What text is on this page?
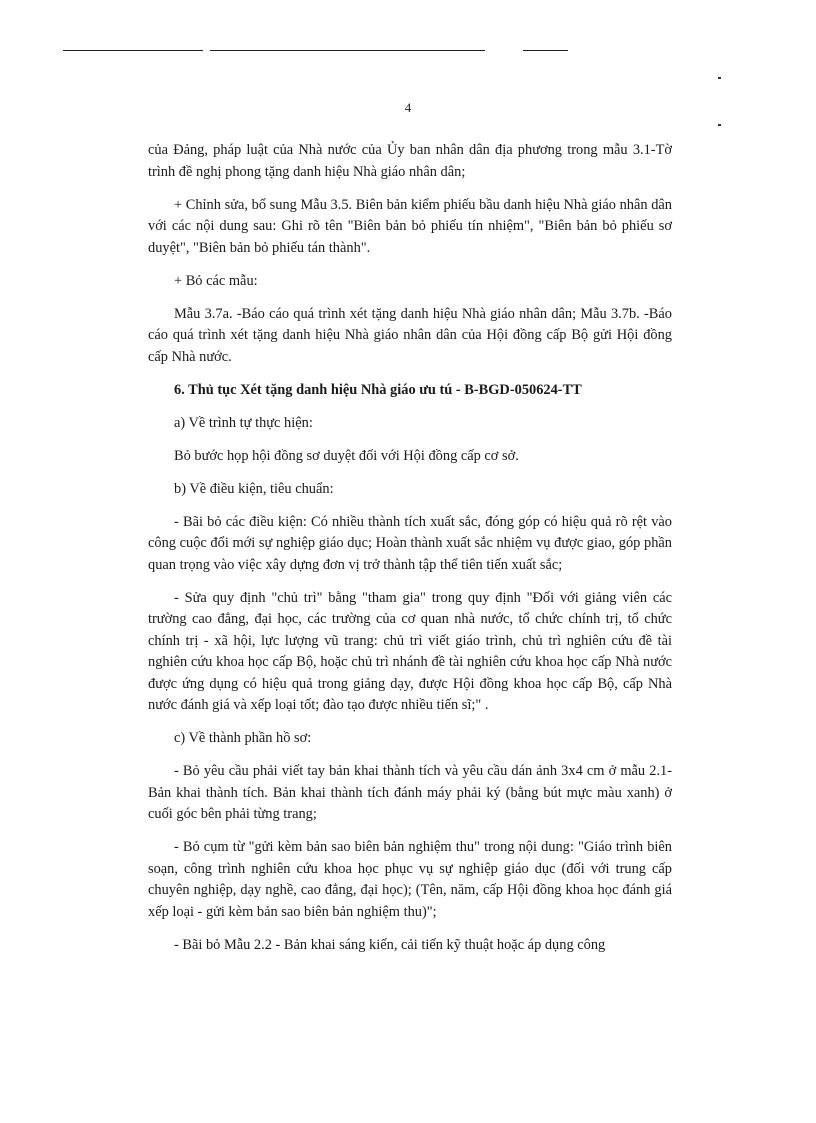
4

của Đảng, pháp luật của Nhà nước của Ủy ban nhân dân địa phương trong mẫu 3.1-Tờ trình đề nghị phong tặng danh hiệu Nhà giáo nhân dân;

+ Chỉnh sửa, bổ sung Mẫu 3.5. Biên bản kiểm phiếu bầu danh hiệu Nhà giáo nhân dân với các nội dung sau: Ghi rõ tên "Biên bản bỏ phiếu tín nhiệm", "Biên bản bỏ phiếu sơ duyệt", "Biên bản bỏ phiếu tán thành".

+ Bỏ các mẫu:

Mẫu 3.7a. -Báo cáo quá trình xét tặng danh hiệu Nhà giáo nhân dân; Mẫu 3.7b. -Báo cáo quá trình xét tặng danh hiệu Nhà giáo nhân dân của Hội đồng cấp Bộ gửi Hội đồng cấp Nhà nước.

6. Thủ tục Xét tặng danh hiệu Nhà giáo ưu tú - B-BGD-050624-TT

a) Về trình tự thực hiện:

Bỏ bước họp hội đồng sơ duyệt đối với Hội đồng cấp cơ sở.

b) Về điều kiện, tiêu chuẩn:

- Bãi bỏ các điều kiện: Có nhiều thành tích xuất sắc, đóng góp có hiệu quả rõ rệt vào công cuộc đổi mới sự nghiệp giáo dục; Hoàn thành xuất sắc nhiệm vụ được giao, góp phần quan trọng vào việc xây dựng đơn vị trở thành tập thể tiên tiến xuất sắc;

- Sửa quy định "chủ trì" bằng "tham gia" trong quy định "Đối với giảng viên các trường cao đẳng, đại học, các trường của cơ quan nhà nước, tổ chức chính trị, tổ chức chính trị - xã hội, lực lượng vũ trang: chủ trì viết giáo trình, chủ trì nghiên cứu đề tài nghiên cứu khoa học cấp Bộ, hoặc chủ trì nhánh đề tài nghiên cứu khoa học cấp Nhà nước được ứng dụng có hiệu quả trong giảng dạy, được Hội đồng khoa học cấp Bộ, cấp Nhà nước đánh giá và xếp loại tốt; đào tạo được nhiều tiến sĩ;" .

c) Về thành phần hồ sơ:

- Bỏ yêu cầu phải viết tay bản khai thành tích và yêu cầu dán ảnh 3x4 cm ở mẫu 2.1- Bản khai thành tích. Bản khai thành tích đánh máy phải ký (bằng bút mực màu xanh) ở cuối góc bên phải từng trang;

- Bỏ cụm từ "gửi kèm bản sao biên bản nghiệm thu" trong nội dung: "Giáo trình biên soạn, công trình nghiên cứu khoa học phục vụ sự nghiệp giáo dục (đối với trung cấp chuyên nghiệp, dạy nghề, cao đẳng, đại học); (Tên, năm, cấp Hội đồng khoa học đánh giá xếp loại - gửi kèm bản sao biên bản nghiệm thu)";

- Bãi bỏ Mẫu 2.2 - Bản khai sáng kiến, cải tiến kỹ thuật hoặc áp dụng công
